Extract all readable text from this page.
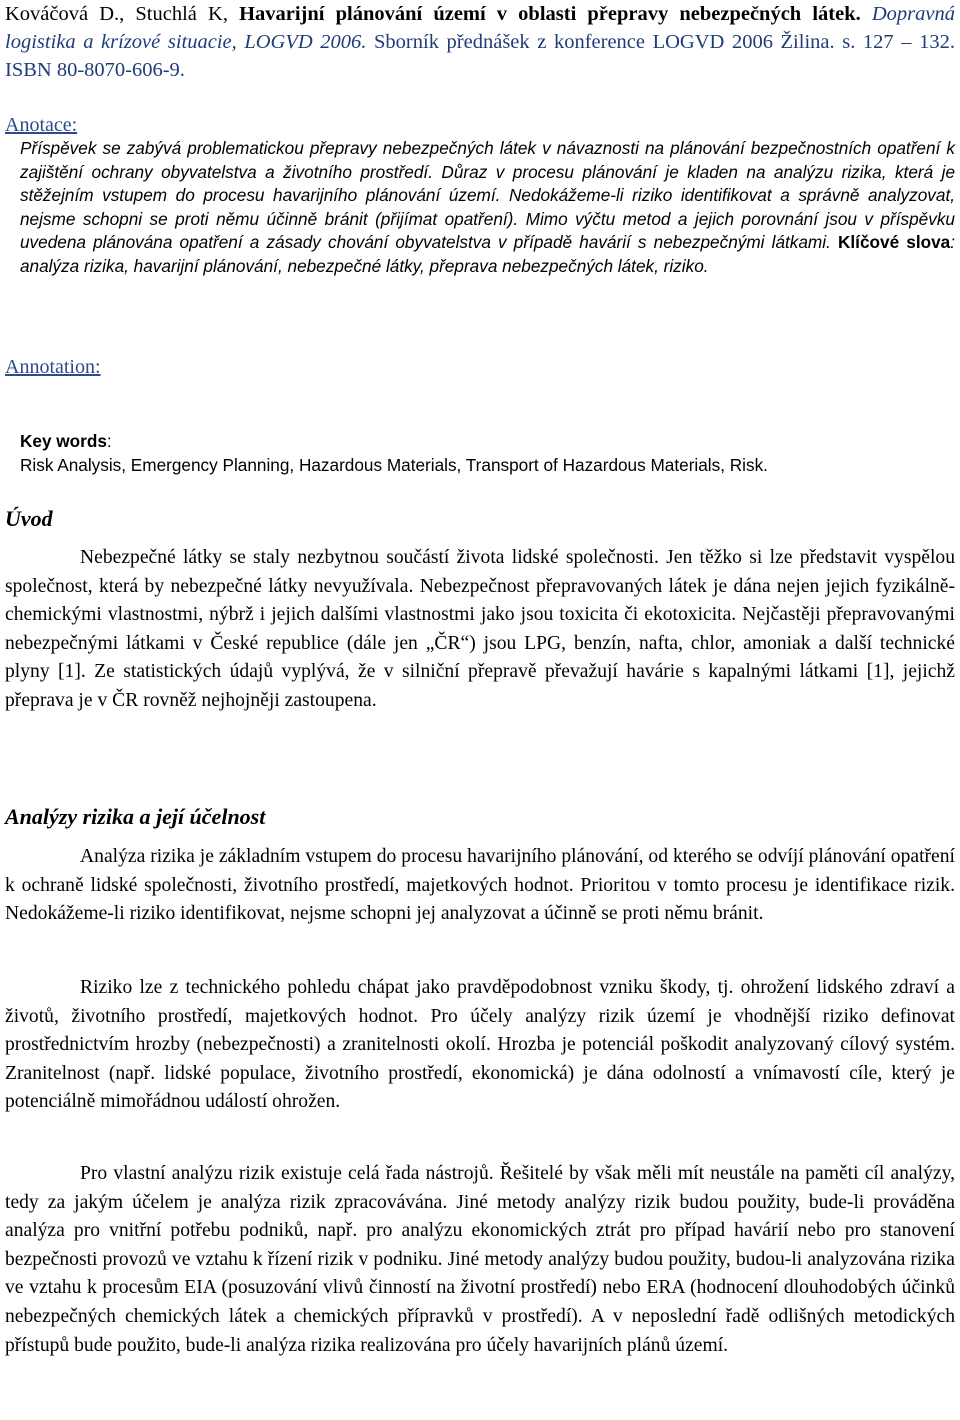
Kováčová D., Stuchlá K, Havarijní plánování území v oblasti přepravy nebezpečných látek. Dopravná logistika a krízové situacie, LOGVD 2006. Sborník přednášek z konference LOGVD 2006 Žilina. s. 127 – 132. ISBN 80-8070-606-9.

Anotace:

Příspěvek se zabývá problematickou přepravy nebezpečných látek v návaznosti na plánování bezpečnostních opatření k zajištění ochrany obyvatelstva a životního prostředí. Důraz v procesu plánování je kladen na analýzu rizika, která je stěžejním vstupem do procesu havarijního plánování území. Nedokážeme-li riziko identifikovat a správně analyzovat, nejsme schopni se proti němu účinně bránit (přijímat opatření). Mimo výčtu metod a jejich porovnání jsou v příspěvku uvedena plánována opatření a zásady chování obyvatelstva v případě havárií s nebezpečnými látkami. Klíčové slova: analýza rizika, havarijní plánování, nebezpečné látky, přeprava nebezpečných látek, riziko.

Annotation:
Key words:
Risk Analysis, Emergency Planning, Hazardous Materials, Transport of Hazardous Materials, Risk.
Úvod

Nebezpečné látky se staly nezbytnou součástí života lidské společnosti. Jen těžko si lze představit vyspělou společnost, která by nebezpečné látky nevyužívala. Nebezpečnost přepravovaných látek je dána nejen jejich fyzikálně-chemickými vlastnostmi, nýbrž i jejich dalšími vlastnostmi jako jsou toxicita či ekotoxicita. Nejčastěji přepravovanými nebezpečnými látkami v České republice (dále jen „ČR“) jsou LPG, benzín, nafta, chlor, amoniak a další technické plyny [1]. Ze statistických údajů vyplývá, že v silniční přepravě převažují havárie s kapalnými látkami [1], jejichž přeprava je v ČR rovněž nejhojněji zastoupena.

Analýzy rizika a její účelnost

Analýza rizika je základním vstupem do procesu havarijního plánování, od kterého se odvíjí plánování opatření k ochraně lidské společnosti, životního prostředí, majetkových hodnot. Prioritou v tomto procesu je identifikace rizik. Nedokážeme-li riziko identifikovat, nejsme schopni jej analyzovat a účinně se proti němu bránit.

Riziko lze z technického pohledu chápat jako pravděpodobnost vzniku škody, tj. ohrožení lidského zdraví a životů, životního prostředí, majetkových hodnot. Pro účely analýzy rizik území je vhodnější riziko definovat prostřednictvím hrozby (nebezpečnosti) a zranitelnosti okolí. Hrozba je potenciál poškodit analyzovaný cílový systém. Zranitelnost (např. lidské populace, životního prostředí, ekonomická) je dána odolností a vnímavostí cíle, který je potenciálně mimořádnou událostí ohrožen.

Pro vlastní analýzu rizik existuje celá řada nástrojů. Řešitelé by však měli mít neustále na paměti cíl analýzy, tedy za jakým účelem je analýza rizik zpracovávána. Jiné metody analýzy rizik budou použity, bude-li prováděna analýza pro vnitřní potřebu podniků, např. pro analýzu ekonomických ztrát pro případ havárií nebo pro stanovení bezpečnosti provozů ve vztahu k řízení rizik v podniku. Jiné metody analýzy budou použity, budou-li analyzována rizika ve vztahu k procesům EIA (posuzování vlivů činností na životní prostředí) nebo ERA (hodnocení dlouhodobých účinků nebezpečných chemických látek a chemických přípravků v prostředí). A v neposlední řadě odlišných metodických přístupů bude použito, bude-li analýza rizika realizována pro účely havarijních plánů území.
